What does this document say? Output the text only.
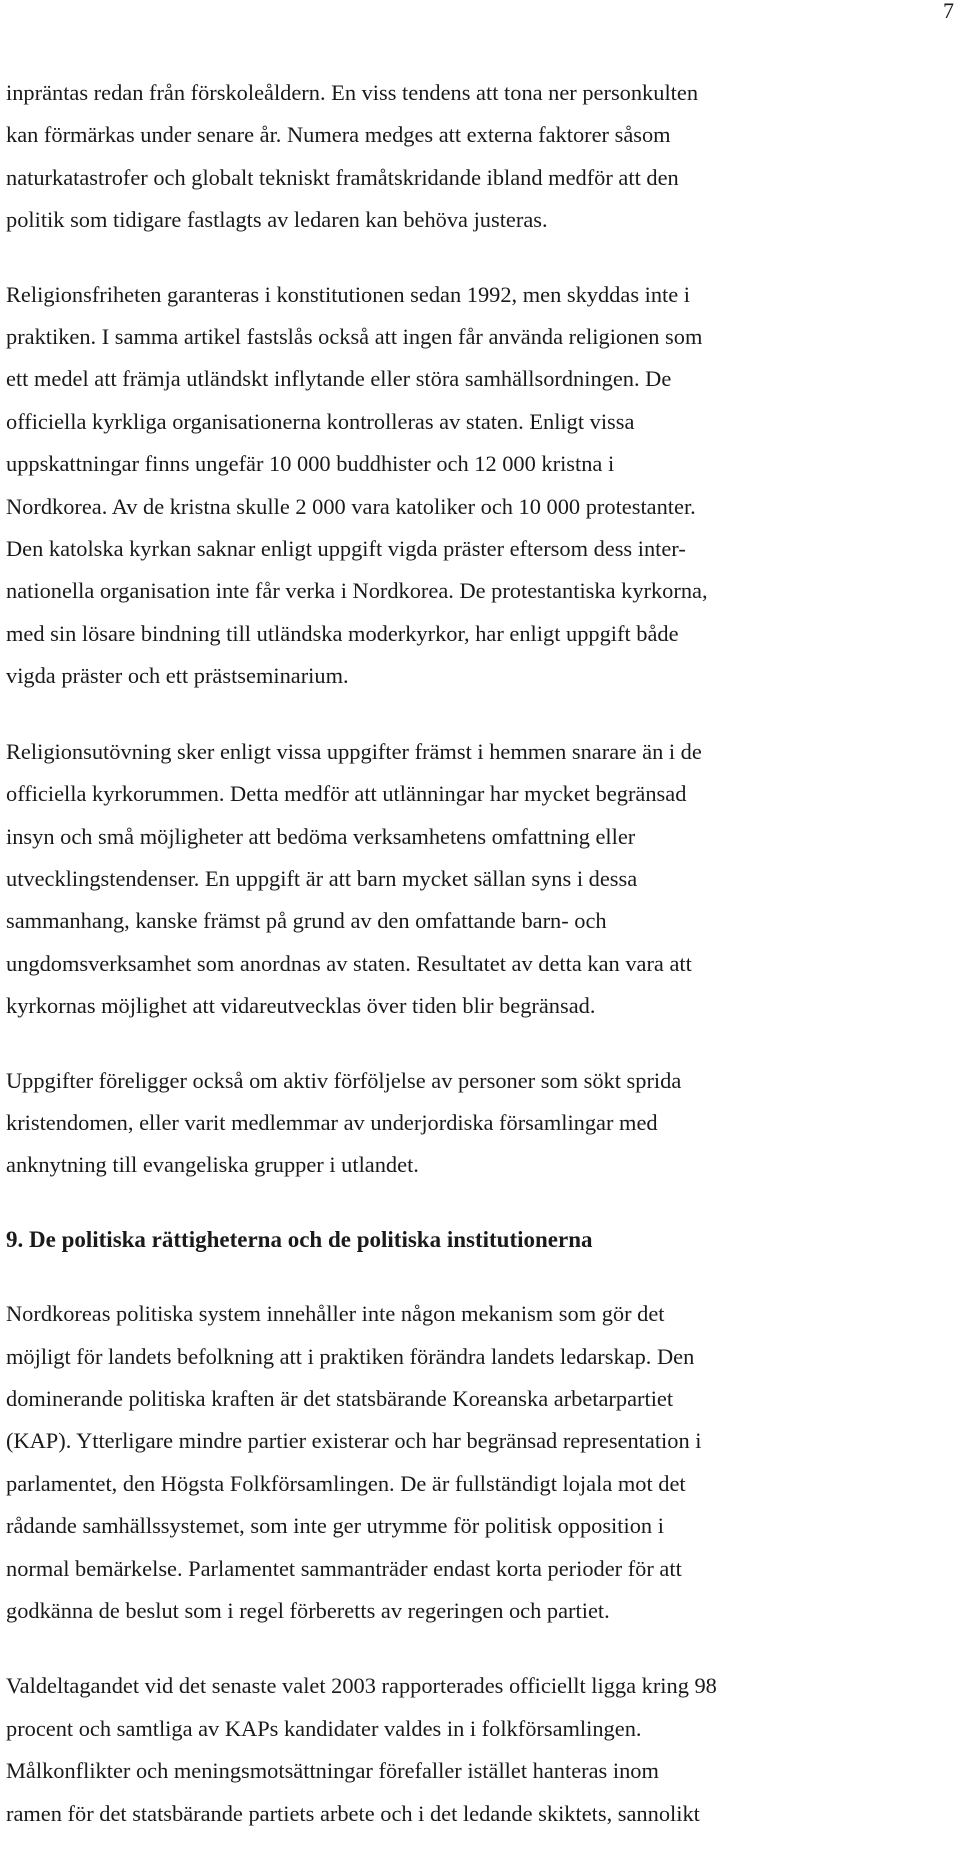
7

inpräntas redan från förskoleåldern. En viss tendens att tona ner personkulten
kan förmärkas under senare år. Numera medges att externa faktorer såsom
naturkatastrofer och globalt tekniskt framåtskridande ibland medför att den
politik som tidigare fastlagts av ledaren kan behöva justeras.

Religionsfriheten garanteras i konstitutionen sedan 1992, men skyddas inte i
praktiken. I samma artikel fastslås också att ingen får använda religionen som
ett medel att främja utländskt inflytande eller störa samhällsordningen. De
officiella kyrkliga organisationerna kontrolleras av staten. Enligt vissa
uppskattningar finns ungefär 10 000 buddhister och 12 000 kristna i
Nordkorea. Av de kristna skulle 2 000 vara katoliker och 10 000 protestanter.
Den katolska kyrkan saknar enligt uppgift vigda präster eftersom dess inter-
nationella organisation inte får verka i Nordkorea. De protestantiska kyrkorna,
med sin lösare bindning till utländska moderkyrkor, har enligt uppgift både
vigda präster och ett prästseminarium.

Religionsutövning sker enligt vissa uppgifter främst i hemmen snarare än i de
officiella kyrkorummen. Detta medför att utlänningar har mycket begränsad
insyn och små möjligheter att bedöma verksamhetens omfattning eller
utvecklingstendenser. En uppgift är att barn mycket sällan syns i dessa
sammanhang, kanske främst på grund av den omfattande barn- och
ungdomsverksamhet som anordnas av staten. Resultatet av detta kan vara att
kyrkornas möjlighet att vidareutvecklas över tiden blir begränsad.

Uppgifter föreligger också om aktiv förföljelse av personer som sökt sprida
kristendomen, eller varit medlemmar av underjordiska församlingar med
anknytning till evangeliska grupper i utlandet.

9. De politiska rättigheterna och de politiska institutionerna

Nordkoreas politiska system innehåller inte någon mekanism som gör det
möjligt för landets befolkning att i praktiken förändra landets ledarskap. Den
dominerande politiska kraften är det statsbärande Koreanska arbetarpartiet
(KAP). Ytterligare mindre partier existerar och har begränsad representation i
parlamentet, den Högsta Folkförsamlingen. De är fullständigt lojala mot det
rådande samhällssystemet, som inte ger utrymme för politisk opposition i
normal bemärkelse. Parlamentet sammanträder endast korta perioder för att
godkänna de beslut som i regel förberetts av regeringen och partiet.

Valdeltagandet vid det senaste valet 2003 rapporterades officiellt ligga kring 98
procent och samtliga av KAPs kandidater valdes in i folkförsamlingen.
Målkonflikter och meningsmotsättningar förefaller istället hanteras inom
ramen för det statsbärande partiets arbete och i det ledande skiktets, sannolikt
